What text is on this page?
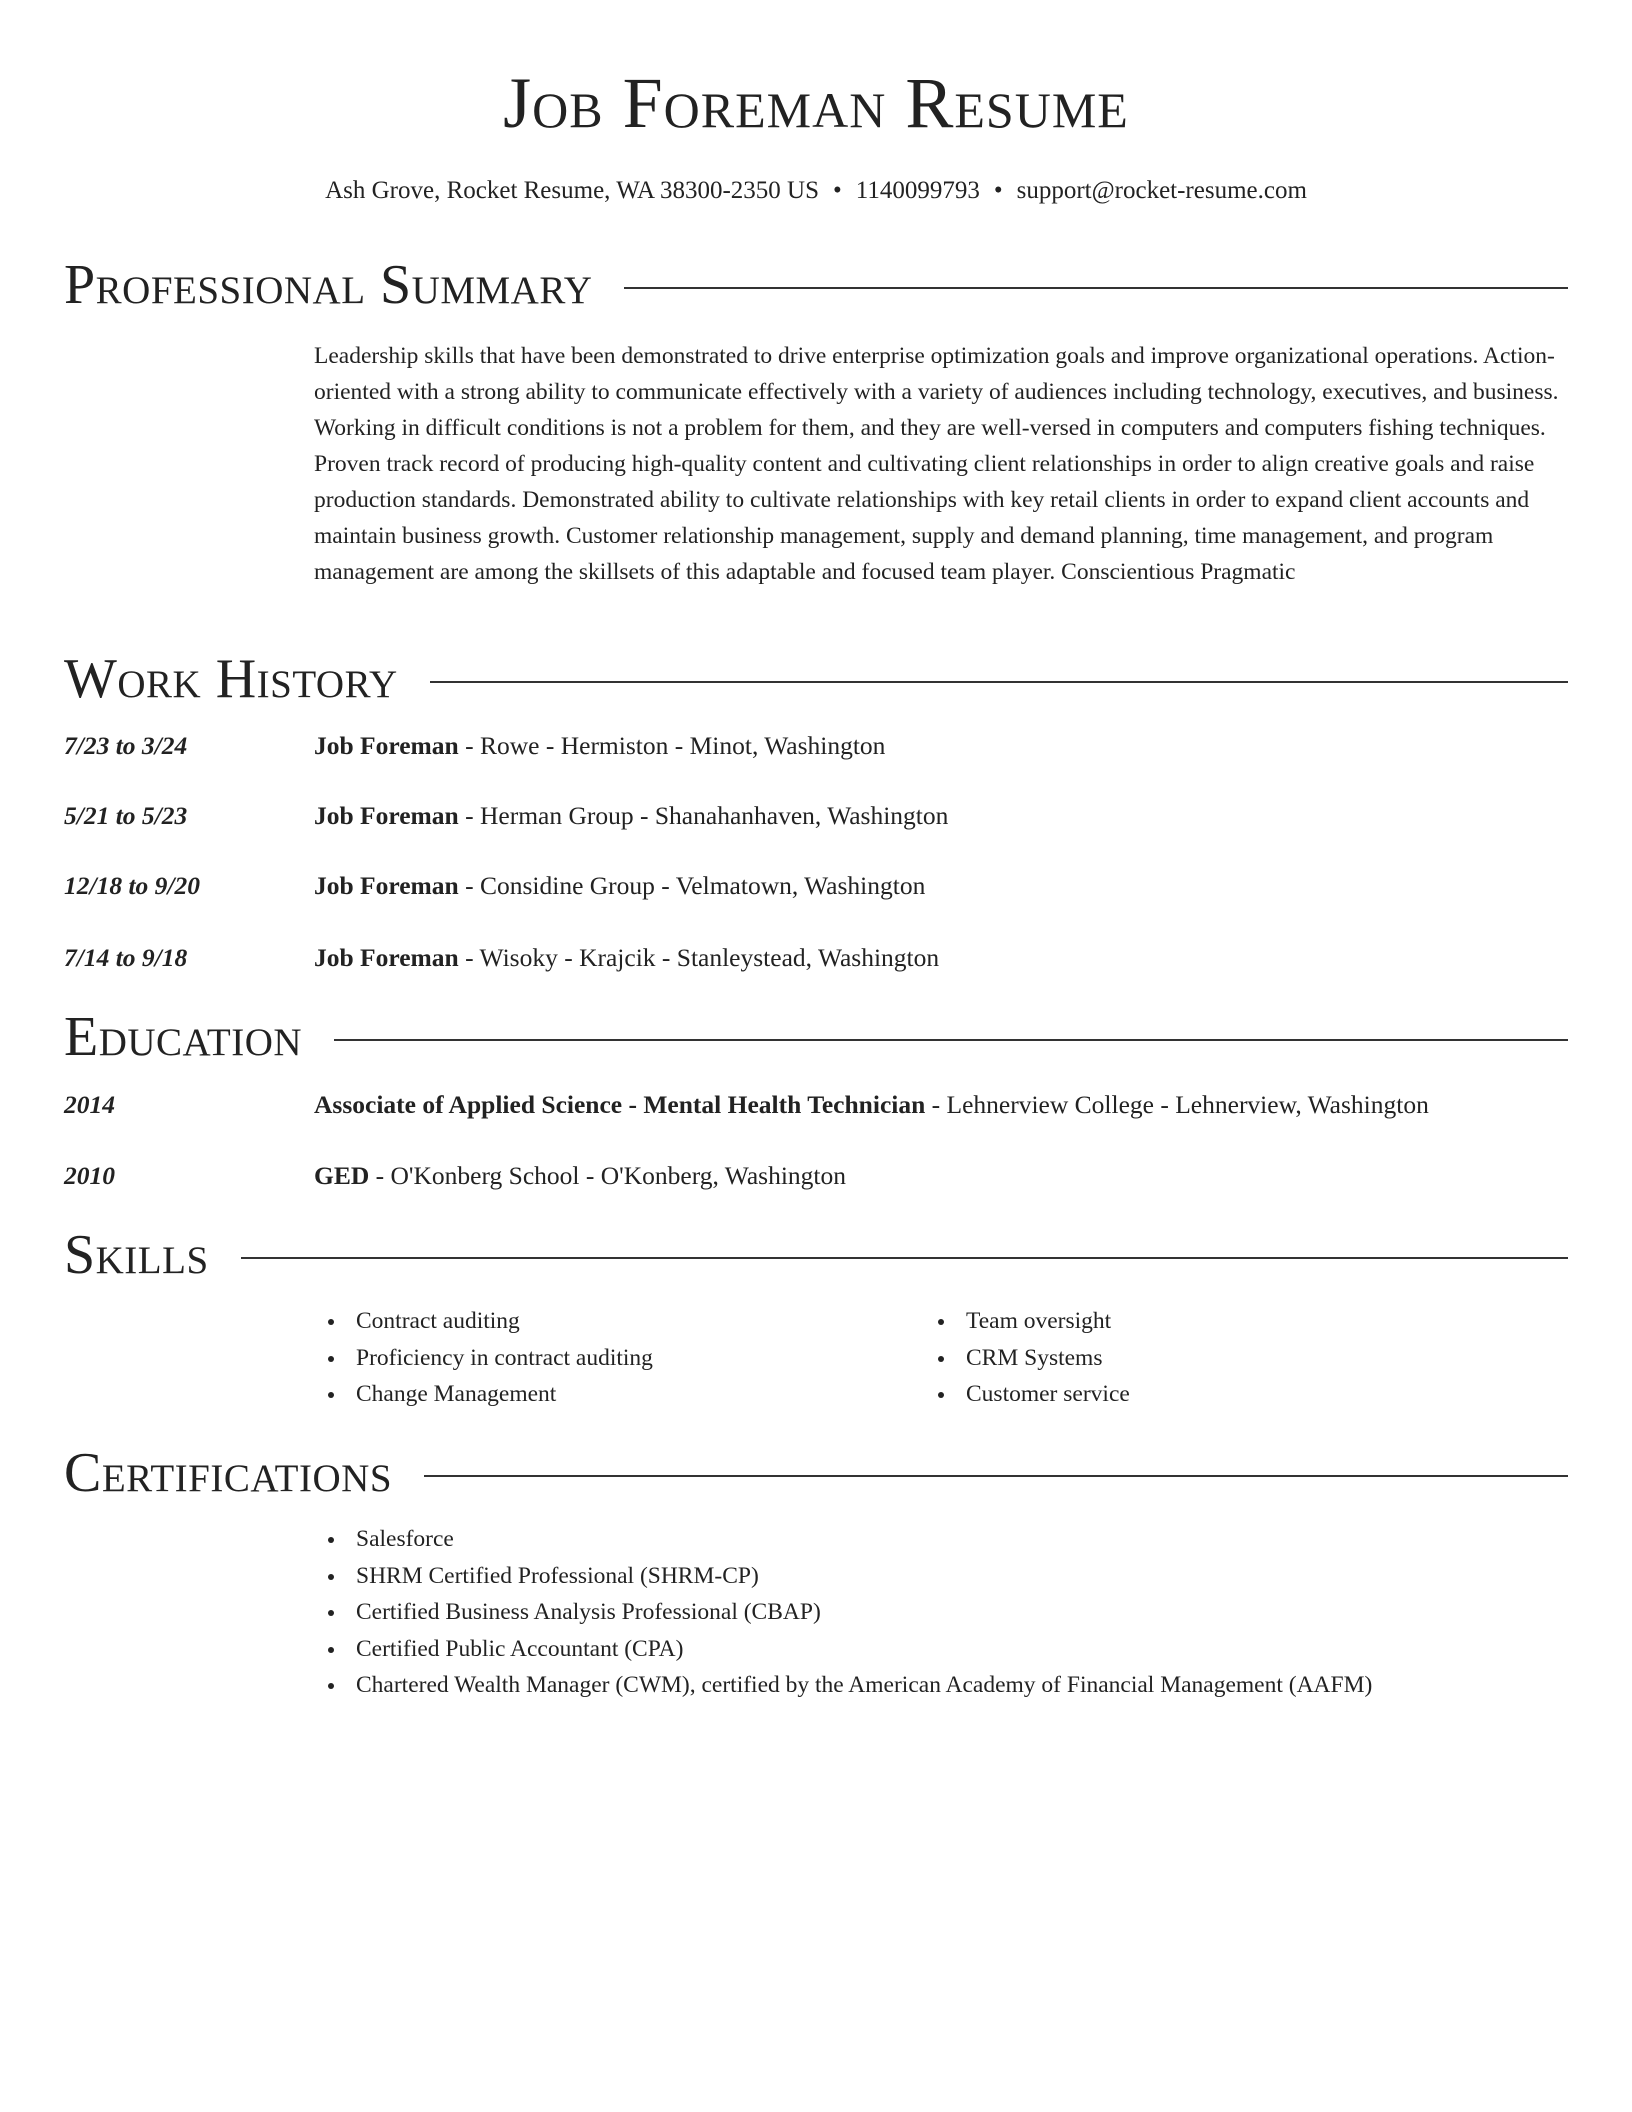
Job Foreman Resume
Ash Grove, Rocket Resume, WA 38300-2350 US • 1140099793 • support@rocket-resume.com
Professional Summary

Leadership skills that have been demonstrated to drive enterprise optimization goals and improve organizational operations. Action-oriented with a strong ability to communicate effectively with a variety of audiences including technology, executives, and business. Working in difficult conditions is not a problem for them, and they are well-versed in computers and computers fishing techniques. Proven track record of producing high-quality content and cultivating client relationships in order to align creative goals and raise production standards. Demonstrated ability to cultivate relationships with key retail clients in order to expand client accounts and maintain business growth. Customer relationship management, supply and demand planning, time management, and program management are among the skillsets of this adaptable and focused team player. Conscientious Pragmatic

Work History
7/23 to 3/24	Job Foreman - Rowe - Hermiston - Minot, Washington
5/21 to 5/23	Job Foreman - Herman Group - Shanahanhaven, Washington
12/18 to 9/20	Job Foreman - Considine Group - Velmatown, Washington
7/14 to 9/18	Job Foreman - Wisoky - Krajcik - Stanleystead, Washington
Education
2014	Associate of Applied Science - Mental Health Technician - Lehnerview College - Lehnerview, Washington
2010	GED - O'Konberg School - O'Konberg, Washington
Skills
Contract auditing
Proficiency in contract auditing
Change Management
Team oversight
CRM Systems
Customer service
Certifications
Salesforce
SHRM Certified Professional (SHRM-CP)
Certified Business Analysis Professional (CBAP)
Certified Public Accountant (CPA)
Chartered Wealth Manager (CWM), certified by the American Academy of Financial Management (AAFM)
